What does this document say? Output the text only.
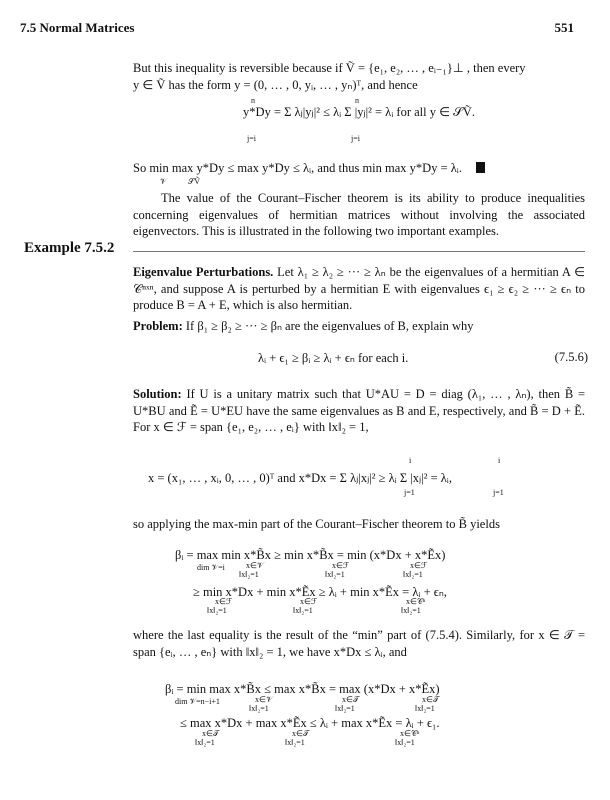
7.5 Normal Matrices	551
But this inequality is reversible because if Ṽ = {e₁, e₂, … , eᵢ₋₁}⊥ , then every
y ∈ Ṽ has the form y = (0, … , 0, yᵢ, … , yₙ)ᵀ, and hence
y*Dy = Σ λⱼ|yⱼ|² ≤ λᵢ Σ |yⱼ|² = λᵢ for all y ∈ 𝒮Ṽ.
n
j=i
n
j=i
So min max y*Dy ≤ max y*Dy ≤ λᵢ, and thus min max y*Dy = λᵢ.
𝒱	𝒮Ṽ
The value of the Courant–Fischer theorem is its ability to produce inequalities concerning eigenvalues of hermitian matrices without involving the associated eigenvectors. This is illustrated in the following two important examples.
Example 7.5.2
Eigenvalue Perturbations. Let λ₁ ≥ λ₂ ≥ ··· ≥ λₙ be the eigenvalues of a hermitian A ∈ 𝒞ⁿˣⁿ, and suppose A is perturbed by a hermitian E with eigenvalues ϵ₁ ≥ ϵ₂ ≥ ··· ≥ ϵₙ to produce B = A + E, which is also hermitian.
Problem: If β₁ ≥ β₂ ≥ ··· ≥ βₙ are the eigenvalues of B, explain why
λᵢ + ϵ₁ ≥ βᵢ ≥ λᵢ + ϵₙ for each i.	(7.5.6)
Solution: If U is a unitary matrix such that U*AU = D = diag (λ₁, … , λₙ), then B̃ = U*BU and Ẽ = U*EU have the same eigenvalues as B and E, respectively, and B̃ = D + Ẽ. For x ∈ ℱ = span {e₁, e₂, … , eᵢ} with ‖x‖₂ = 1,
x = (x₁, … , xᵢ, 0, … , 0)ᵀ and x*Dx = Σ λⱼ|xⱼ|² ≥ λᵢ Σ |xⱼ|² = λᵢ,
i
j=1
i
j=1
so applying the max-min part of the Courant–Fischer theorem to B̃ yields
βᵢ = max min x*B̃x ≥ min x*B̃x = min (x*Dx + x*Ẽx)
dim 𝒱=i	x∈𝒱
‖x‖₂=1
x∈ℱ
‖x‖₂=1
x∈ℱ
‖x‖₂=1
≥ min x*Dx + min x*Ẽx ≥ λᵢ + min x*Ẽx = λᵢ + ϵₙ,
x∈ℱ
‖x‖₂=1
x∈ℱ
‖x‖₂=1
x∈𝒞ⁿ
‖x‖₂=1
where the last equality is the result of the “min” part of (7.5.4). Similarly, for x ∈ 𝒯 = span {eᵢ, … , eₙ} with ‖x‖₂ = 1, we have x*Dx ≤ λᵢ, and
βᵢ = min max x*B̃x ≤ max x*B̃x = max (x*Dx + x*Ẽx)
dim 𝒱=n−i+1	x∈𝒱
‖x‖₂=1
x∈𝒯
‖x‖₂=1
x∈𝒯
‖x‖₂=1
≤ max x*Dx + max x*Ẽx ≤ λᵢ + max x*Ẽx = λᵢ + ϵ₁.
x∈𝒯
‖x‖₂=1
x∈𝒯
‖x‖₂=1
x∈𝒞ⁿ
‖x‖₂=1
